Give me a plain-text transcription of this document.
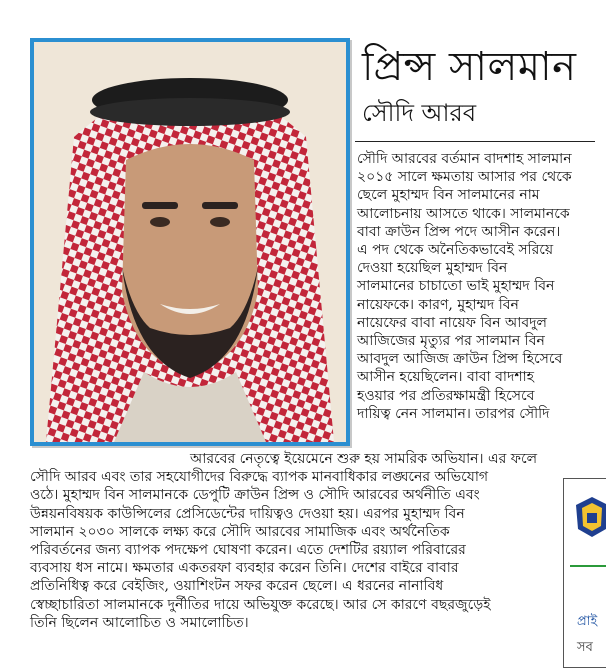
প্রিন্স সালমান
সৌদি আরব
সৌদি আরবের বর্তমান বাদশাহ সালমান
২০১৫ সালে ক্ষমতায় আসার পর থেকে
ছেলে মুহাম্মদ বিন সালমানের নাম
আলোচনায় আসতে থাকে। সালমানকে
বাবা ক্রাউন প্রিন্স পদে আসীন করেন।
এ পদ থেকে অনৈতিকভাবেই সরিয়ে
দেওয়া হয়েছিল মুহাম্মদ বিন
সালমানের চাচাতো ভাই মুহাম্মদ বিন
নায়েফকে। কারণ, মুহাম্মদ বিন
নায়েফের বাবা নায়েফ বিন আবদুল
আজিজের মৃত্যুর পর সালমান বিন
আবদুল আজিজ ক্রাউন প্রিন্স হিসেবে
আসীন হয়েছিলেন। বাবা বাদশাহ
হওয়ার পর প্রতিরক্ষামন্ত্রী হিসেবে
দায়িত্ব নেন সালমান। তারপর সৌদি
আরবের নেতৃত্বে ইয়েমেনে শুরু হয় সামরিক অভিযান। এর ফলে
সৌদি আরব এবং তার সহযোগীদের বিরুদ্ধে ব্যাপক মানবাধিকার লঙ্ঘনের অভিযোগ
ওঠে। মুহাম্মদ বিন সালমানকে ডেপুটি ক্রাউন প্রিন্স ও সৌদি আরবের অর্থনীতি এবং
উন্নয়নবিষয়ক কাউন্সিলের প্রেসিডেন্টের দায়িত্বও দেওয়া হয়। এরপর মুহাম্মদ বিন
সালমান ২০৩০ সালকে লক্ষ্য করে সৌদি আরবের সামাজিক এবং অর্থনৈতিক
পরিবর্তনের জন্য ব্যাপক পদক্ষেপ ঘোষণা করেন। এতে দেশটির রয়্যাল পরিবারের
ব্যবসায় ধস নামে। ক্ষমতার একতরফা ব্যবহার করেন তিনি। দেশের বাইরে বাবার
প্রতিনিধিত্ব করে বেইজিং, ওয়াশিংটন সফর করেন ছেলে। এ ধরনের নানাবিধ
স্বেচ্ছাচারিতা সালমানকে দুর্নীতির দায়ে অভিযুক্ত করেছে। আর সে কারণে বছরজুড়েই
তিনি ছিলেন আলোচিত ও সমালোচিত।	প্রাই
সব
